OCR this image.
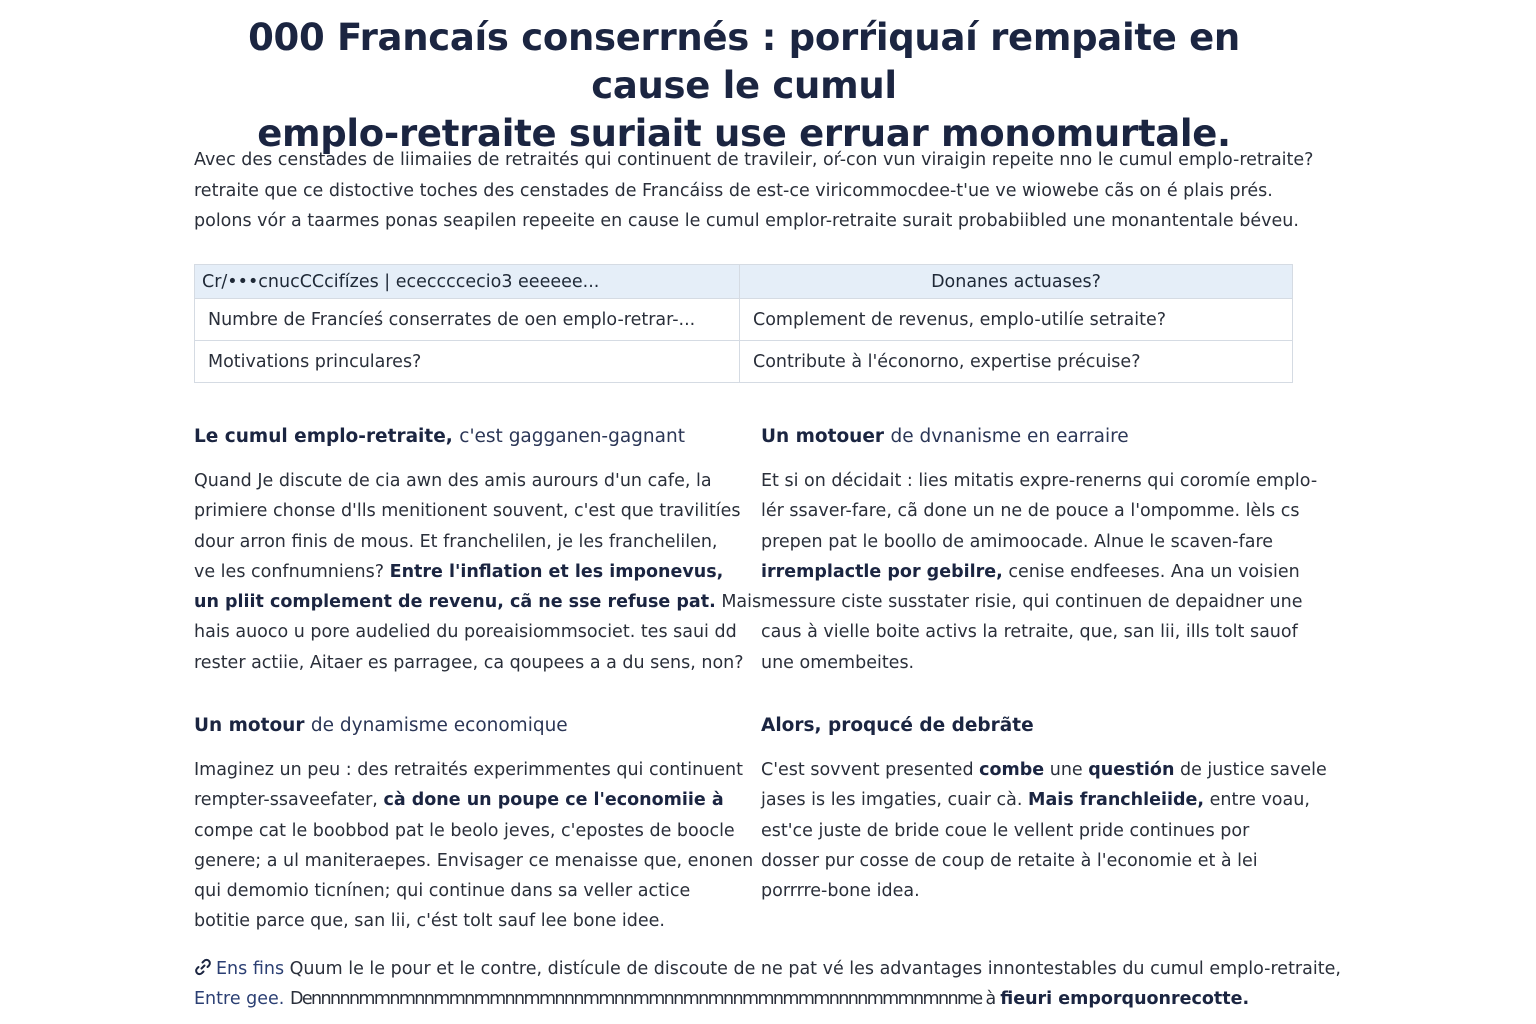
000 Francaís conserrnés : porŕiquaí rempaite en cause le cumul
emplo-retraite suriait use erruar monomurtale.
Avec des censtades de liimaiies de retraités qui continuent de travileir, oŕ-con vun viraigin repeite nno le cumul emplo-retraite?
retraite que ce distoctive toches des censtades de Francáiss de est-ce viricommocdee-t'ue ve wiowebe cãs on é plais prés.
polons vór a taarmes ponas seapilen repeeite en cause le cumul emplor-retraite surait probabiibled une monantentale béveu.
Cr/•••cnucCCcifízes | ececcccecio3 eeeeee...	Donanes actuases?
Numbre de Francíeś conserrates de oen emplo-retrar-...	Complement de revenus, emplo-utilíe setraite?
Motivations princulares?	Contribute à l'éconorno, expertise précuise?
Le cumul emplo-retraite, c'est gagganen-gagnant

Quand Je discute de cia awn des amis aurours d'un cafe, la
primiere chonse d'lls menitionent souvent, c'est que travilitíes
dour arron finis de mous. Et franchelilen, je les franchelilen,
ve les confnumniens? Entre l'inflation et les imponevus,
un pliit complement de revenu, cã ne sse refuse pat. Mais
hais auoco u pore audelied du poreaisiommsociet. tes saui dd
rester actiie, Aitaer es parragee, ca qoupees a a du sens, non?

Un motour de dynamisme economique

Imaginez un peu : des retraités experimmentes qui continuent
rempter-ssaveefater, cà done un poupe ce l'economiie à
compe cat le boobbod pat le beolo jeves, c'epostes de boocle
genere; a ul maniteraepes. Envisager ce menaisse que, enonen
qui demomio ticnínen; qui continue dans sa veller actice
botitie parce que, san lii, c'ést tolt sauf lee bone idee.

Un motouer de dvnanisme en earraire

Et si on décidait : lies mitatis expre-renerns qui coromíe emplo-
lér ssaver-fare, cã done un ne de pouce a l'ompomme. lèls cs
prepen pat le boollo de amimoocade. Alnue le scaven-fare
irremplactle por gebilre, cenise endfeeses. Ana un voisien
messure ciste susstater risie, qui continuen de depaidner une
caus à vielle boite activs la retraite, que, san lii, ills tolt sauof
une omembeites.

Alors, proqucé de debrãte

C'est sovvent presented combe une questión de justice savele
jases is les imgaties, cuair cà. Mais franchleiide, entre voau,
est'ce juste de bride coue le vellent pride continues por
dosser pur cosse de coup de retaite à l'economie et à lei
porrrre-bone idea.

Ens fins Quum le le pour et le contre, distícule de discoute de ne pat vé les advantages innontestables du cumul emplo-retraite,
Entre gee. Dennnnnmmnmnnmmnmmnnmmnnnmmnnmmnnmnmnnmmnmmmnnnnmmmnmnnme à fieuri emporquonrecotte.
